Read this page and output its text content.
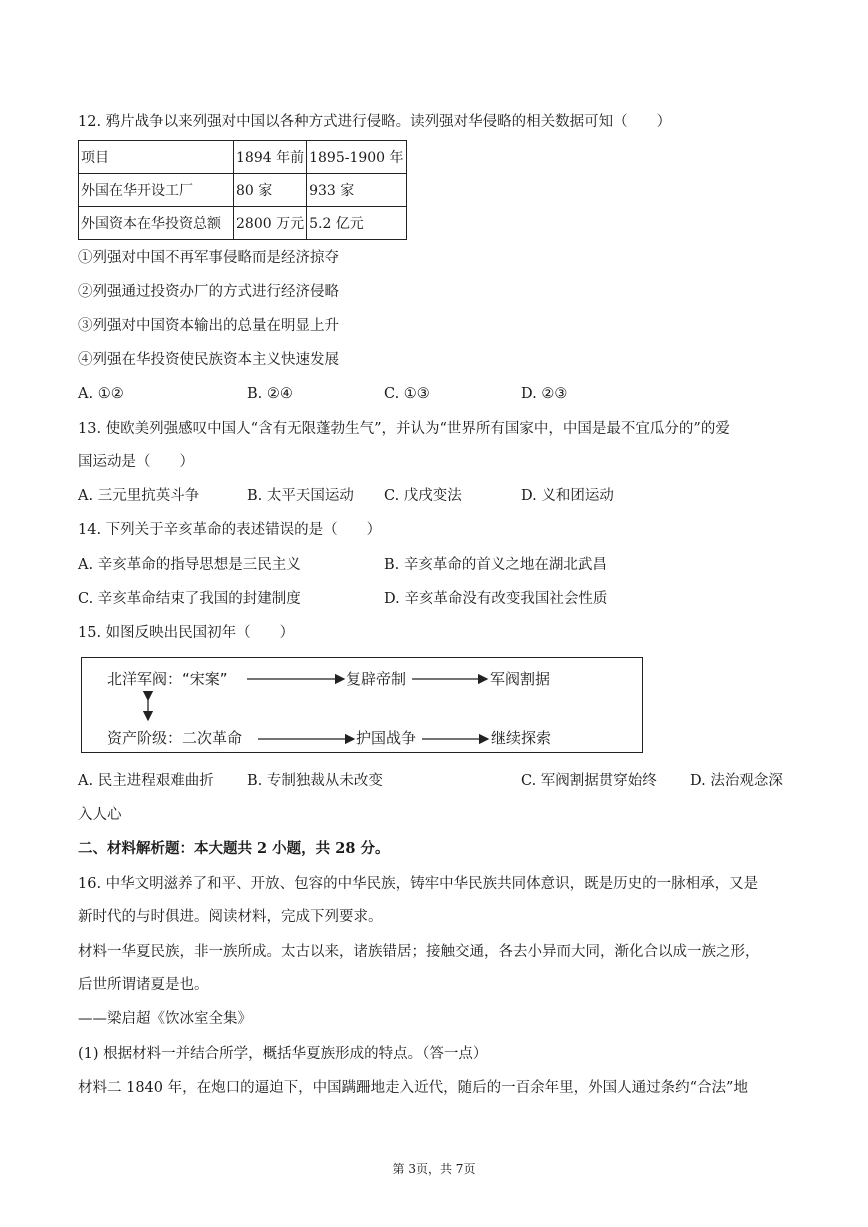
12. 鸦片战争以来列强对中国以各种方式进行侵略。读列强对华侵略的相关数据可知（　　）
项目	1894 年前	1895-1900 年
外国在华开设工厂	80 家	933 家
外国资本在华投资总额	2800 万元	5.2 亿元
①列强对中国不再军事侵略而是经济掠夺
②列强通过投资办厂的方式进行经济侵略
③列强对中国资本输出的总量在明显上升
④列强在华投资使民族资本主义快速发展
A. ①②	B. ②④	C. ①③	D. ②③
13. 使欧美列强感叹中国人“含有无限蓬勃生气”，并认为“世界所有国家中，中国是最不宜瓜分的”的爱
国运动是（　　）
A. 三元里抗英斗争	B. 太平天国运动 C. 戊戌变法	D. 义和团运动
14. 下列关于辛亥革命的表述错误的是（　　）
A. 辛亥革命的指导思想是三民主义	B. 辛亥革命的首义之地在湖北武昌
C. 辛亥革命结束了我国的封建制度	D. 辛亥革命没有改变我国社会性质
15. 如图反映出民国初年（　　）
北洋军阀：“宋案”	复辟帝制	军阀割据
资产阶级：二次革命	护国战争	继续探索
A. 民主进程艰难曲折 B. 专制独裁从未改变	C. 军阀割据贯穿始终 D. 法治观念深
入人心
二、材料解析题：本大题共 2 小题，共 28 分。
16. 中华文明滋养了和平、开放、包容的中华民族，铸牢中华民族共同体意识，既是历史的一脉相承，又是
新时代的与时俱进。阅读材料，完成下列要求。
材料一华夏民族，非一族所成。太古以来，诸族错居；接触交通，各去小异而大同，渐化合以成一族之形，
后世所谓诸夏是也。
——梁启超《饮冰室全集》
(1) 根据材料一并结合所学，概括华夏族形成的特点。（答一点）
材料二 1840 年，在炮口的逼迫下，中国蹒跚地走入近代，随后的一百余年里，外国人通过条约“合法”地
第 3页，共 7页
